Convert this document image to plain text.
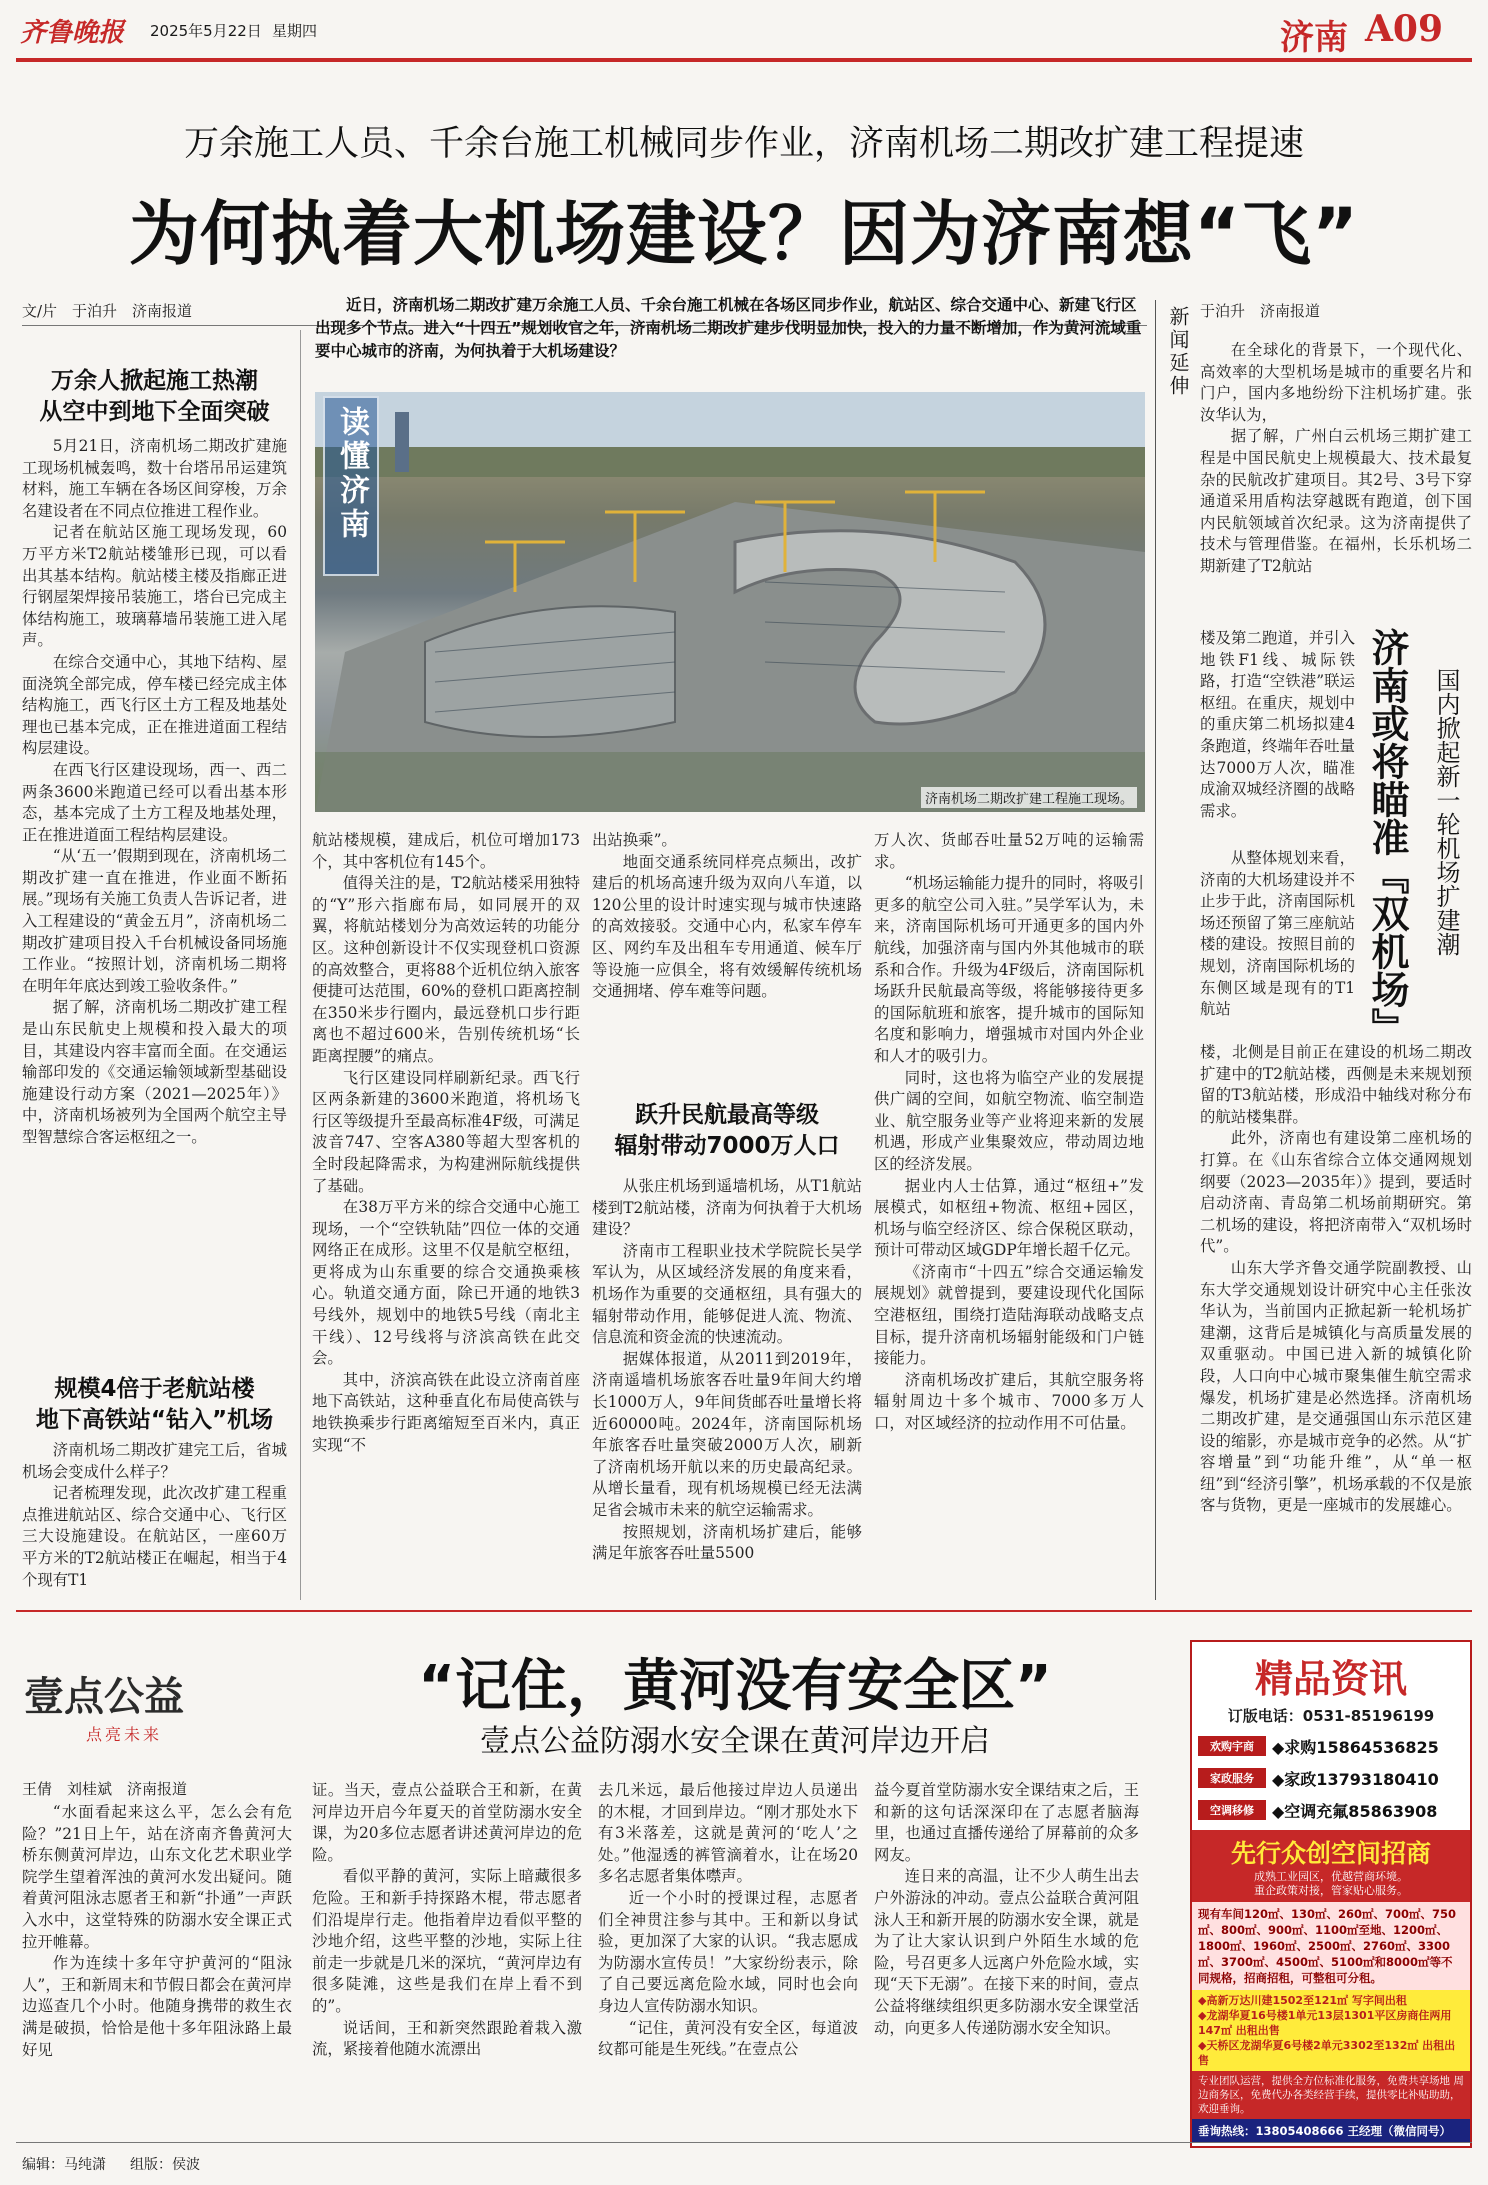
齐鲁晚报 2025年5月22日 星期四	济南 A09
万余施工人员、千余台施工机械同步作业，济南机场二期改扩建工程提速
为何执着大机场建设？因为济南想“飞”
文/片　于泊升　济南报道	近日，济南机场二期改扩建万余施工人员、千余台施工机械在各场区同步作业，航站区、综合交通中心、新建飞行区出现多个节点。进入“十四五”规划收官之年，济南机场二期改扩建步伐明显加快，投入的力量不断增加，作为黄河流域重要中心城市的济南，为何执着于大机场建设？
读懂济南
济南机场二期改扩建工程施工现场。
万余人掀起施工热潮
从空中到地下全面突破

5月21日，济南机场二期改扩建施工现场机械轰鸣，数十台塔吊吊运建筑材料，施工车辆在各场区间穿梭，万余名建设者在不同点位推进工程作业。

记者在航站区施工现场发现，60万平方米T2航站楼雏形已现，可以看出其基本结构。航站楼主楼及指廊正进行钢屋架焊接吊装施工，塔台已完成主体结构施工，玻璃幕墙吊装施工进入尾声。

在综合交通中心，其地下结构、屋面浇筑全部完成，停车楼已经完成主体结构施工，西飞行区土方工程及地基处理也已基本完成，正在推进道面工程结构层建设。

在西飞行区建设现场，西一、西二两条3600米跑道已经可以看出基本形态，基本完成了土方工程及地基处理，正在推进道面工程结构层建设。

“从‘五一’假期到现在，济南机场二期改扩建一直在推进，作业面不断拓展。”现场有关施工负责人告诉记者，进入工程建设的“黄金五月”，济南机场二期改扩建项目投入千台机械设备同场施工作业。“按照计划，济南机场二期将在明年年底达到竣工验收条件。”

据了解，济南机场二期改扩建工程是山东民航史上规模和投入最大的项目，其建设内容丰富而全面。在交通运输部印发的《交通运输领域新型基础设施建设行动方案（2021—2025年）》中，济南机场被列为全国两个航空主导型智慧综合客运枢纽之一。

规模4倍于老航站楼
地下高铁站“钻入”机场

济南机场二期改扩建完工后，省城机场会变成什么样子？

记者梳理发现，此次改扩建工程重点推进航站区、综合交通中心、飞行区三大设施建设。在航站区，一座60万平方米的T2航站楼正在崛起，相当于4个现有T1

航站楼规模，建成后，机位可增加173个，其中客机位有145个。

值得关注的是，T2航站楼采用独特的“Y”形六指廊布局，如同展开的双翼，将航站楼划分为高效运转的功能分区。这种创新设计不仅实现登机口资源的高效整合，更将88个近机位纳入旅客便捷可达范围，60%的登机口距离控制在350米步行圈内，最远登机口步行距离也不超过600米，告别传统机场“长距离捏腰”的痛点。

飞行区建设同样刷新纪录。西飞行区两条新建的3600米跑道，将机场飞行区等级提升至最高标准4F级，可满足波音747、空客A380等超大型客机的全时段起降需求，为构建洲际航线提供了基础。

在38万平方米的综合交通中心施工现场，一个“空铁轨陆”四位一体的交通网络正在成形。这里不仅是航空枢纽，更将成为山东重要的综合交通换乘核心。轨道交通方面，除已开通的地铁3号线外，规划中的地铁5号线（南北主干线）、12号线将与济滨高铁在此交会。

其中，济滨高铁在此设立济南首座地下高铁站，这种垂直化布局使高铁与地铁换乘步行距离缩短至百米内，真正实现“不

出站换乘”。

地面交通系统同样亮点频出，改扩建后的机场高速升级为双向八车道，以120公里的设计时速实现与城市快速路的高效接驳。交通中心内，私家车停车区、网约车及出租车专用通道、候车厅等设施一应俱全，将有效缓解传统机场交通拥堵、停车难等问题。

跃升民航最高等级
辐射带动7000万人口

从张庄机场到遥墙机场，从T1航站楼到T2航站楼，济南为何执着于大机场建设？

济南市工程职业技术学院院长吴学军认为，从区域经济发展的角度来看，机场作为重要的交通枢纽，具有强大的辐射带动作用，能够促进人流、物流、信息流和资金流的快速流动。

据媒体报道，从2011到2019年，济南遥墙机场旅客吞吐量9年间大约增长1000万人，9年间货邮吞吐量增长将近60000吨。2024年，济南国际机场年旅客吞吐量突破2000万人次，刷新了济南机场开航以来的历史最高纪录。从增长量看，现有机场规模已经无法满足省会城市未来的航空运输需求。

按照规划，济南机场扩建后，能够满足年旅客吞吐量5500

万人次、货邮吞吐量52万吨的运输需求。

“机场运输能力提升的同时，将吸引更多的航空公司入驻。”吴学军认为，未来，济南国际机场可开通更多的国内外航线，加强济南与国内外其他城市的联系和合作。升级为4F级后，济南国际机场跃升民航最高等级，将能够接待更多的国际航班和旅客，提升城市的国际知名度和影响力，增强城市对国内外企业和人才的吸引力。

同时，这也将为临空产业的发展提供广阔的空间，如航空物流、临空制造业、航空服务业等产业将迎来新的发展机遇，形成产业集聚效应，带动周边地区的经济发展。

据业内人士估算，通过“枢纽+”发展模式，如枢纽+物流、枢纽+园区，机场与临空经济区、综合保税区联动，预计可带动区域GDP年增长超千亿元。

《济南市“十四五”综合交通运输发展规划》就曾提到，要建设现代化国际空港枢纽，围绕打造陆海联动战略支点目标，提升济南机场辐射能级和门户链接能力。

济南机场改扩建后，其航空服务将辐射周边十多个城市、7000多万人口，对区域经济的拉动作用不可估量。

新闻延伸 于泊升　济南报道

在全球化的背景下，一个现代化、高效率的大型机场是城市的重要名片和门户，国内多地纷纷下注机场扩建。张汝华认为，

据了解，广州白云机场三期扩建工程是中国民航史上规模最大、技术最复杂的民航改扩建项目。其2号、3号下穿通道采用盾构法穿越既有跑道，创下国内民航领域首次纪录。这为济南提供了技术与管理借鉴。在福州，长乐机场二期新建了T2航站

楼及第二跑道，并引入地铁F1线、城际铁路，打造“空铁港”联运枢纽。在重庆，规划中的重庆第二机场拟建4条跑道，终端年吞吐量达7000万人次，瞄准成渝双城经济圈的战略需求。

从整体规划来看，济南的大机场建设并不止步于此，济南国际机场还预留了第三座航站楼的建设。按照目前的规划，济南国际机场的东侧区域是现有的T1航站	济南或将瞄准『双机场』 国内掀起新一轮机场扩建潮

楼，北侧是目前正在建设的机场二期改扩建中的T2航站楼，西侧是未来规划预留的T3航站楼，形成沿中轴线对称分布的航站楼集群。

此外，济南也有建设第二座机场的打算。在《山东省综合立体交通网规划纲要（2023—2035年）》提到，要适时启动济南、青岛第二机场前期研究。第二机场的建设，将把济南带入“双机场时代”。

山东大学齐鲁交通学院副教授、山东大学交通规划设计研究中心主任张汝华认为，当前国内正掀起新一轮机场扩建潮，这背后是城镇化与高质量发展的双重驱动。中国已进入新的城镇化阶段，人口向中心城市聚集催生航空需求爆发，机场扩建是必然选择。济南机场二期改扩建，是交通强国山东示范区建设的缩影，亦是城市竞争的必然。从“扩容增量”到“功能升维”，从“单一枢纽”到“经济引擎”，机场承载的不仅是旅客与货物，更是一座城市的发展雄心。

壹点公益
点亮未来
“记住，黄河没有安全区”
壹点公益防溺水安全课在黄河岸边开启
王倩　刘桂斌　济南报道

“水面看起来这么平，怎么会有危险？”21日上午，站在济南齐鲁黄河大桥东侧黄河岸边，山东文化艺术职业学院学生望着浑浊的黄河水发出疑问。随着黄河阻泳志愿者王和新“扑通”一声跃入水中，这堂特殊的防溺水安全课正式拉开帷幕。

作为连续十多年守护黄河的“阻泳人”，王和新周末和节假日都会在黄河岸边巡查几个小时。他随身携带的救生衣满是破损，恰恰是他十多年阻泳路上最好见

证。当天，壹点公益联合王和新，在黄河岸边开启今年夏天的首堂防溺水安全课，为20多位志愿者讲述黄河岸边的危险。

看似平静的黄河，实际上暗藏很多危险。王和新手持探路木棍，带志愿者们沿堤岸行走。他指着岸边看似平整的沙地介绍，这些平整的沙地，实际上往前走一步就是几米的深坑，“黄河岸边有很多陡滩，这些是我们在岸上看不到的”。

说话间，王和新突然跟跄着栽入激流，紧接着他随水流漂出

去几米远，最后他接过岸边人员递出的木棍，才回到岸边。“刚才那处水下有3米落差，这就是黄河的‘吃人’之处。”他湿透的裤管滴着水，让在场20多名志愿者集体噤声。

近一个小时的授课过程，志愿者们全神贯注参与其中。王和新以身试验，更加深了大家的认识。“我志愿成为防溺水宣传员！”大家纷纷表示，除了自己要远离危险水域，同时也会向身边人宣传防溺水知识。

“记住，黄河没有安全区，每道波纹都可能是生死线。”在壹点公

益今夏首堂防溺水安全课结束之后，王和新的这句话深深印在了志愿者脑海里，也通过直播传递给了屏幕前的众多网友。

连日来的高温，让不少人萌生出去户外游泳的冲动。壹点公益联合黄河阻泳人王和新开展的防溺水安全课，就是为了让大家认识到户外陌生水域的危险，号召更多人远离户外危险水域，实现“天下无溺”。在接下来的时间，壹点公益将继续组织更多防溺水安全课堂活动，向更多人传递防溺水安全知识。

精品资讯
订版电话：0531-85196199
欢购宇商	◆求购15864536825
家政服务	◆家政13793180410
空调移修	◆空调充氟85863908
先行众创空间招商
成熟工业园区，优越营商环境。
重企政策对接，管家贴心服务。
现有车间120㎡、130㎡、260㎡、700㎡、750㎡、800㎡、900㎡、1100㎡至地、1200㎡、1800㎡、1960㎡、2500㎡、2760㎡、3300㎡、3700㎡、4500㎡、5100㎡和8000㎡等不同规格，招商招租，可整租可分租。
◆高新万达川建1502至121㎡ 写字间出租
◆龙湖华夏16号楼1单元13层1301平区房商住两用147㎡ 出租出售
◆天桥区龙湖华夏6号楼2单元3302至132㎡ 出租出售
专业团队运营，提供全方位标准化服务，免费共享场地 周边商务区，免费代办各类经营手续，提供零比补贴助助，欢迎垂询。
垂询热线：13805408666 王经理（微信同号）
编辑：马纯潇 组版：侯波
